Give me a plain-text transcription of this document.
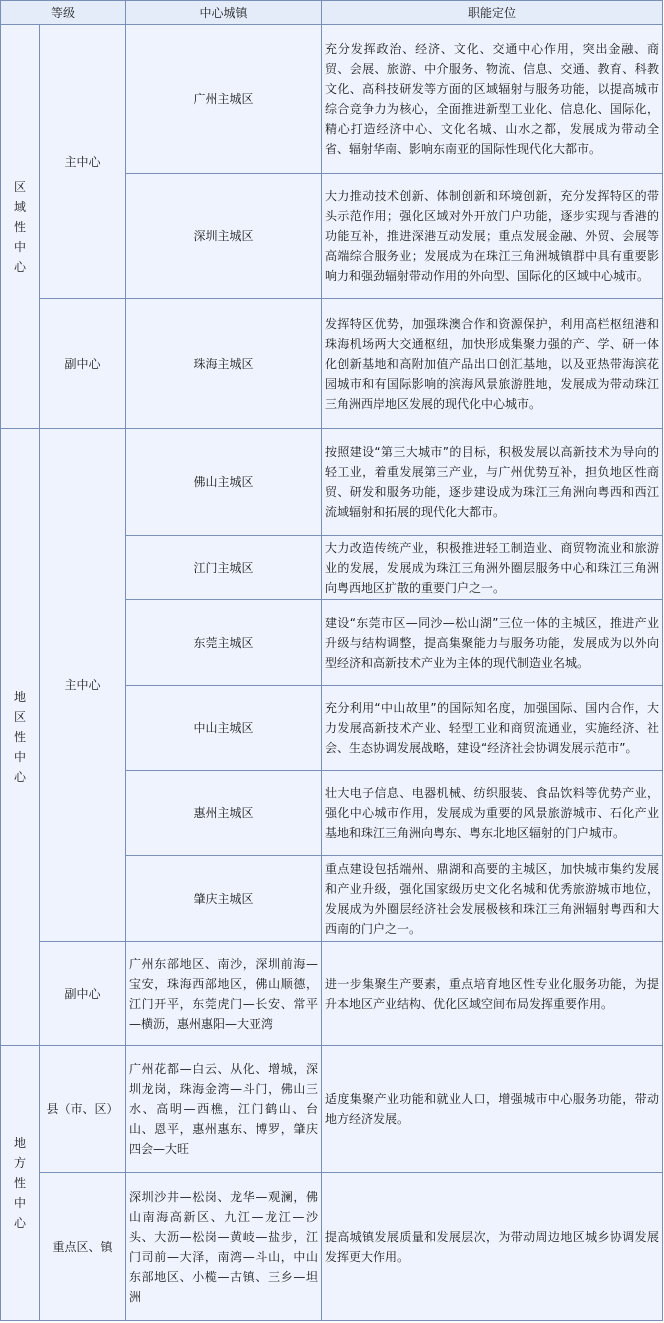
等级		中心城镇	职能定位
区
域
性
中
心	主中心	广州主城区	充分发挥政治、经济、文化、交通中心作用，突出金融、商贸、会展、旅游、中介服务、物流、信息、交通、教育、科教文化、高科技研发等方面的区域辐射与服务功能，以提高城市综合竞争力为核心，全面推进新型工业化、信息化、国际化，精心打造经济中心、文化名城、山水之都，发展成为带动全省、辐射华南、影响东南亚的国际性现代化大都市。
		深圳主城区	大力推动技术创新、体制创新和环境创新，充分发挥特区的带头示范作用；强化区域对外开放门户功能，逐步实现与香港的功能互补，推进深港互动发展；重点发展金融、外贸、会展等高端综合服务业；发展成为在珠江三角洲城镇群中具有重要影响力和强劲辐射带动作用的外向型、国际化的区域中心城市。
	副中心	珠海主城区	发挥特区优势，加强珠澳合作和资源保护，利用高栏枢纽港和珠海机场两大交通枢纽，加快形成集聚力强的产、学、研一体化创新基地和高附加值产品出口创汇基地，以及亚热带海滨花园城市和有国际影响的滨海风景旅游胜地，发展成为带动珠江三角洲西岸地区发展的现代化中心城市。
地
区
性
中
心	主中心	佛山主城区	按照建设“第三大城市”的目标，积极发展以高新技术为导向的轻工业，着重发展第三产业，与广州优势互补，担负地区性商贸、研发和服务功能，逐步建设成为珠江三角洲向粤西和西江流域辐射和拓展的现代化大都市。
		江门主城区	大力改造传统产业，积极推进轻工制造业、商贸物流业和旅游业的发展，发展成为珠江三角洲外圈层服务中心和珠江三角洲向粤西地区扩散的重要门户之一。
		东莞主城区	建设“东莞市区—同沙—松山湖”三位一体的主城区，推进产业升级与结构调整，提高集聚能力与服务功能，发展成为以外向型经济和高新技术产业为主体的现代制造业名城。
		中山主城区	充分利用“中山故里”的国际知名度，加强国际、国内合作，大力发展高新技术产业、轻型工业和商贸流通业，实施经济、社会、生态协调发展战略，建设“经济社会协调发展示范市”。
		惠州主城区	壮大电子信息、电器机械、纺织服装、食品饮料等优势产业，强化中心城市作用，发展成为重要的风景旅游城市、石化产业基地和珠江三角洲向粤东、粤东北地区辐射的门户城市。
		肇庆主城区	重点建设包括端州、鼎湖和高要的主城区，加快城市集约发展和产业升级，强化国家级历史文化名城和优秀旅游城市地位，发展成为外圈层经济社会发展极核和珠江三角洲辐射粤西和大西南的门户之一。
	副中心	广州东部地区、南沙，深圳前海—宝安，珠海西部地区，佛山顺德，江门开平，东莞虎门—长安、常平—横沥，惠州惠阳—大亚湾	进一步集聚生产要素，重点培育地区性专业化服务功能，为提升本地区产业结构、优化区域空间布局发挥重要作用。
地
方
性
中
心	县（市、区）	广州花都—白云、从化、增城，深圳龙岗，珠海金湾—斗门，佛山三水、高明—西樵，江门鹤山、台山、恩平，惠州惠东、博罗，肇庆四会—大旺	适度集聚产业功能和就业人口，增强城市中心服务功能，带动地方经济发展。
	重点区、镇	深圳沙井—松岗、龙华—观澜，佛山南海高新区、九江—龙江—沙头、大沥—松岗—黄岐—盐步，江门司前—大泽，南湾—斗山，中山东部地区、小榄—古镇、三乡—坦洲	提高城镇发展质量和发展层次，为带动周边地区城乡协调发展发挥更大作用。
